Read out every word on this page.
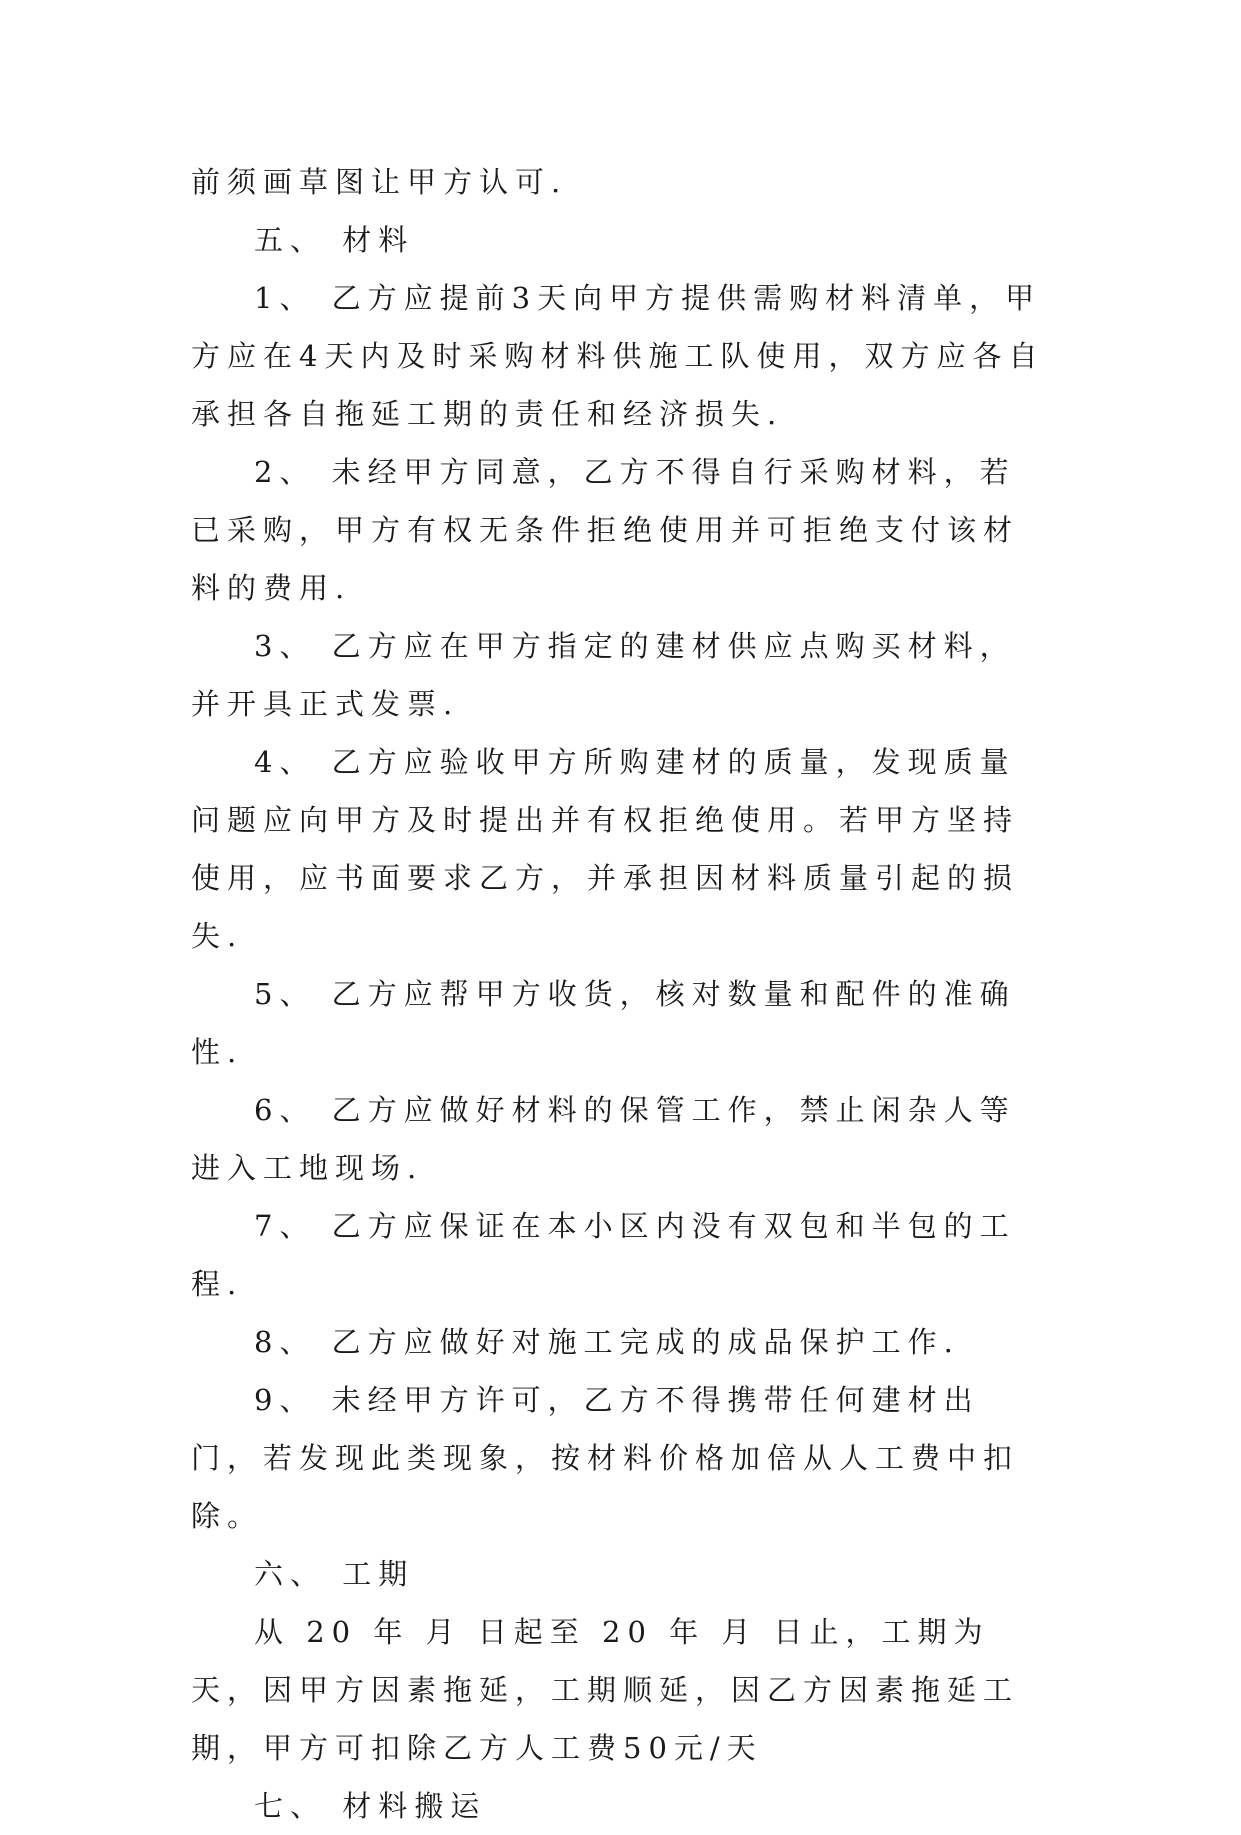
前须画草图让甲方认可.

五、 材料

1、 乙方应提前3天向甲方提供需购材料清单，甲方应在4天内及时采购材料供施工队使用，双方应各自承担各自拖延工期的责任和经济损失.

2、 未经甲方同意，乙方不得自行采购材料，若已采购，甲方有权无条件拒绝使用并可拒绝支付该材料的费用.

3、 乙方应在甲方指定的建材供应点购买材料，并开具正式发票.

4、 乙方应验收甲方所购建材的质量，发现质量问题应向甲方及时提出并有权拒绝使用。若甲方坚持使用，应书面要求乙方，并承担因材料质量引起的损失.

5、 乙方应帮甲方收货，核对数量和配件的准确性.

6、 乙方应做好材料的保管工作，禁止闲杂人等进入工地现场.

7、 乙方应保证在本小区内没有双包和半包的工程.

8、 乙方应做好对施工完成的成品保护工作.

9、 未经甲方许可，乙方不得携带任何建材出门，若发现此类现象，按材料价格加倍从人工费中扣除。

六、 工期

从 20 年 月 日起至 20 年 月 日止，工期为 天，因甲方因素拖延，工期顺延，因乙方因素拖延工期，甲方可扣除乙方人工费50元/天

七、 材料搬运
